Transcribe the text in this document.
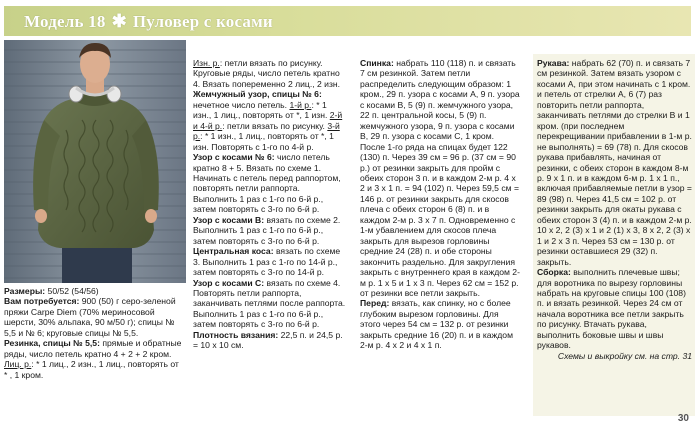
Модель 18 ✱ Пуловер с косами

Размеры: 50/52 (54/56)

Вам потребуется: 900 (50) г серо-зеленой пряжи Carpe Diem (70% мериносовой шерсти, 30% альпака, 90 м/50 г); спицы № 5,5 и № 6; круговые спицы № 5,5.

Резинка, спицы № 5,5: прямые и обратные ряды, число петель кратно 4 + 2 + 2 кром. Лиц. р.: * 1 лиц., 2 изн., 1 лиц., повторять от * , 1 кром.

Изн. р.: петли вязать по рисунку. Круговые ряды, число петель кратно 4. Вязать попеременно 2 лиц., 2 изн.

Жемчужный узор, спицы № 6: нечетное число петель. 1-й р.: * 1 изн., 1 лиц., повторять от *, 1 изн. 2-й и 4-й р.: петли вязать по рисунку. 3-й р.: * 1 изн., 1 лиц., повторять от *, 1 изн. Повторять с 1-го по 4-й р.

Узор с косами № 6: число петель кратно 8 + 5. Вязать по схеме 1. Начинать с петель перед раппортом, повторять петли раппорта. Выполнить 1 раз с 1-го по 6-й р., затем повторять с 3-го по 6-й р.

Узор с косами B: вязать по схеме 2. Выполнить 1 раз с 1-го по 6-й р., затем повторять с 3-го по 6-й р.

Центральная коса: вязать по схеме 3. Выполнить 1 раз с 1-го по 14-й р., затем повторять с 3-го по 14-й р.

Узор с косами C: вязать по схеме 4. Повторять петли раппорта, заканчивать петлями после раппорта. Выполнить 1 раз с 1-го по 6-й р., затем повторять с 3-го по 6-й р.

Плотность вязания: 22,5 п. и 24,5 р. = 10 х 10 см.

Спинка: набрать 110 (118) п. и связать 7 см резинкой. Затем петли распределить следующим образом: 1 кром., 29 п. узора с косами A, 9 п. узора с косами B, 5 (9) п. жемчужного узора, 22 п. центральной косы, 5 (9) п. жемчужного узора, 9 п. узора с косами B, 29 п. узора с косами C, 1 кром. После 1-го ряда на спицах будет 122 (130) п. Через 39 см = 96 р. (37 см = 90 р.) от резинки закрыть для пройм с обеих сторон 3 п. и в каждом 2-м р. 4 х 2 и 3 х 1 п. = 94 (102) п. Через 59,5 см = 146 р. от резинки закрыть для скосов плеча с обеих сторон 6 (8) п. и в каждом 2-м р. 3 х 7 п. Одновременно с 1-м убавлением для скосов плеча закрыть для вырезов горловины средние 24 (28) п. и обе стороны закончить раздельно. Для закругления закрыть с внутреннего края в каждом 2-м р. 1 х 5 и 1 х 3 п. Через 62 см = 152 р. от резинки все петли закрыть.

Перед: вязать, как спинку, но с более глубоким вырезом горловины. Для этого через 54 см = 132 р. от резинки закрыть средние 16 (20) п. и в каждом 2-м р. 4 х 2 и 4 х 1 п.

Рукава: набрать 62 (70) п. и связать 7 см резинкой. Затем вязать узором с косами A, при этом начинать с 1 кром. и петель от стрелки A, 6 (7) раз повторить петли раппорта, заканчивать петлями до стрелки B и 1 кром. (при последнем перекрещивании прибавлении в 1-м р. не выполнять) = 69 (78) п. Для скосов рукава прибавлять, начиная от резинки, с обеих сторон в каждом 8-м р. 9 х 1 п. и в каждом 6-м р. 1 х 1 п., включая прибавляемые петли в узор = 89 (98) п. Через 41,5 см = 102 р. от резинки закрыть для окаты рукава с обеих сторон 3 (4) п. и в каждом 2-м р. 10 х 2, 2 (3) х 1 и 2 (1) х 3, 8 х 2, 2 (3) х 1 и 2 х 3 п. Через 53 см = 130 р. от резинки оставшиеся 29 (32) п. закрыть.

Сборка: выполнить плечевые швы; для воротника по вырезу горловины набрать на круговые спицы 100 (108) п. и вязать резинкой. Через 24 см от начала воротника все петли закрыть по рисунку. Втачать рукава, выполнить боковые швы и швы рукавов.

Схемы и выкройку см. на стр. 31

30
